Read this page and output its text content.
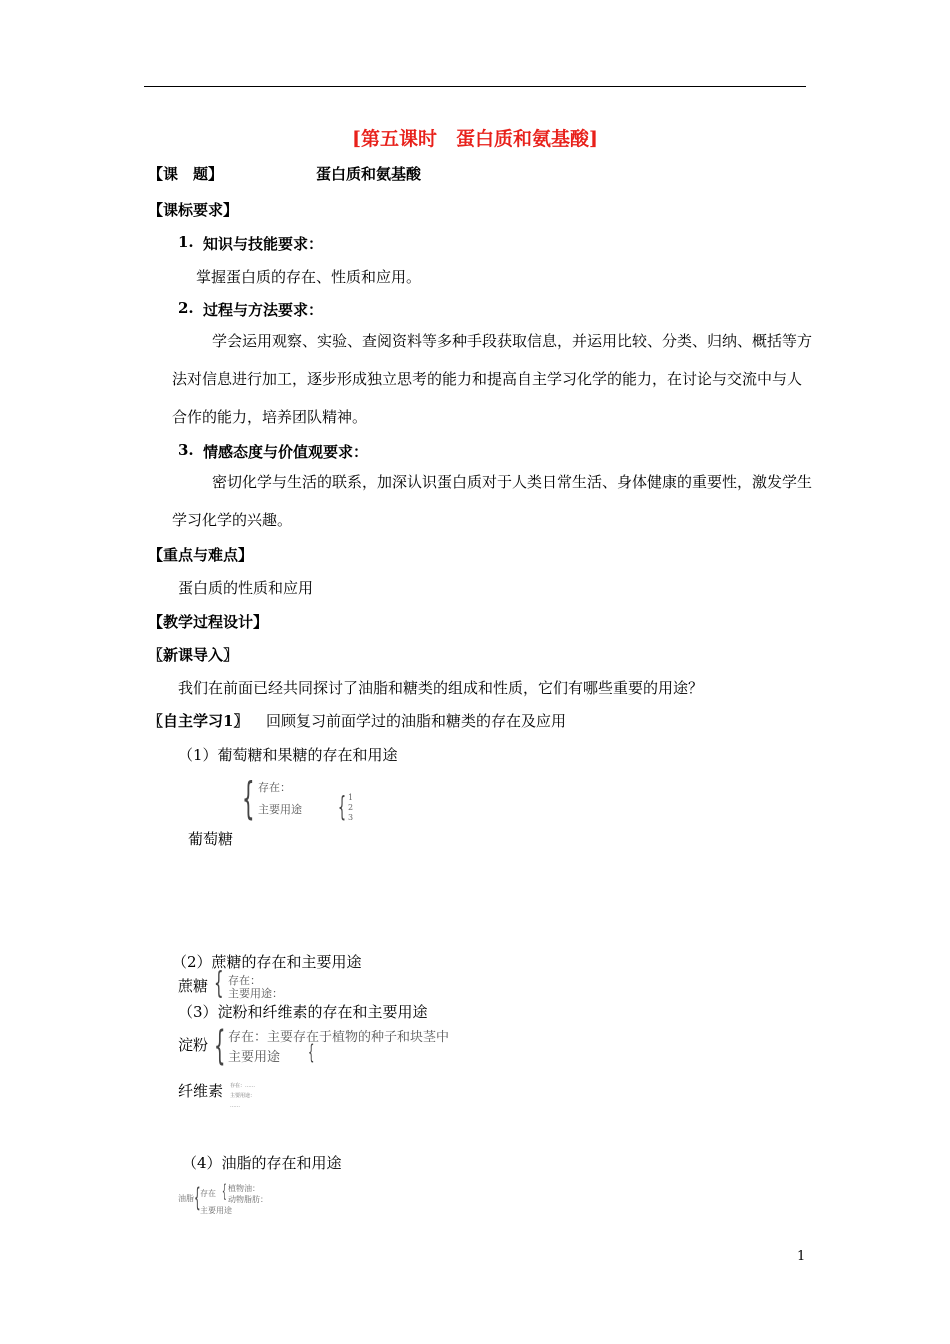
[第五课时　蛋白质和氨基酸]
【课　题】	蛋白质和氨基酸
【课标要求】
1. 知识与技能要求：
掌握蛋白质的存在、性质和应用。
2. 过程与方法要求：
学会运用观察、实验、查阅资料等多种手段获取信息，并运用比较、分类、归纳、概括等方法对信息进行加工，逐步形成独立思考的能力和提高自主学习化学的能力，在讨论与交流中与人合作的能力，培养团队精神。
3. 情感态度与价值观要求：
密切化学与生活的联系，加深认识蛋白质对于人类日常生活、身体健康的重要性，激发学生学习化学的兴趣。
【重点与难点】
蛋白质的性质和应用
【教学过程设计】
〖新课导入〗
我们在前面已经共同探讨了油脂和糖类的组成和性质，它们有哪些重要的用途？
〖自主学习1〗 回顾复习前面学过的油脂和糖类的存在及应用
（1）葡萄糖和果糖的存在和用途
{ 存在：
主要用途 { 1
2
3
葡萄糖
（2）蔗糖的存在和主要用途
蔗糖 { 存在：
主要用途：
（3）淀粉和纤维素的存在和主要用途
淀粉 { 存在：主要存在于植物的种子和块茎中
主要用途 {
纤维素 存在：……
主要用途：
……
（4）油脂的存在和用途
油脂 { 存在 { 植物油：
动物脂肪：
主要用途
1
